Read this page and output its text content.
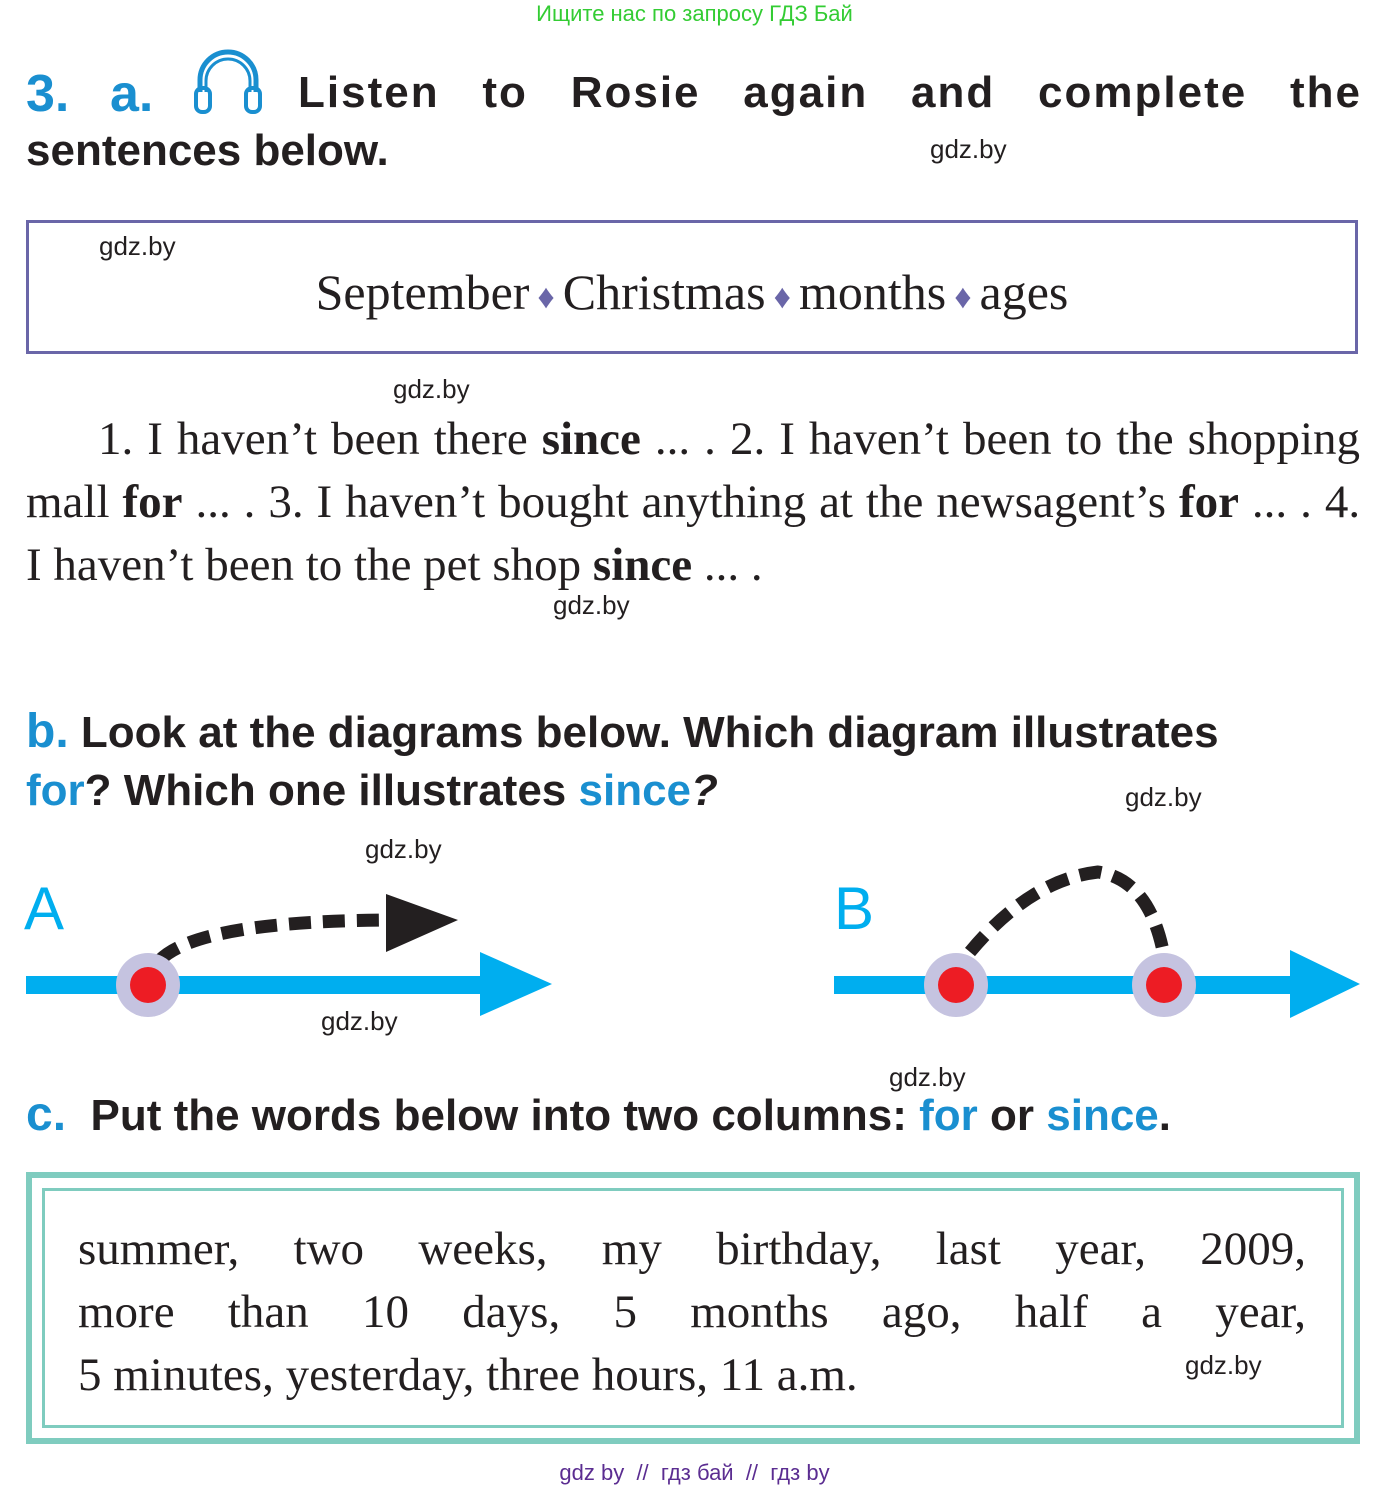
Ищите нас по запросу ГДЗ Бай
3. a.	Listen to Rosie again and complete the
sentences below.	gdz.by
gdz.by
September ♦ Christmas ♦ months ♦ ages
gdz.by
1. I haven’t been there since ... . 2. I haven’t been to the shopping mall for ... . 3. I haven’t bought anything at the newsagent’s for ... . 4. I haven’t been to the pet shop since ... .
gdz.by
b. Look at the diagrams below. Which diagram illustrates
for? Which one illustrates since?	gdz.by
gdz.by
A
gdz.by
B
gdz.by
c. Put the words below into two columns: for or since.
summer, two weeks, my birthday, last year, 2009,
more than 10 days, 5 months ago, half a year,
5 minutes, yesterday, three hours, 11 a.m.	gdz.by
gdz by  //  гдз бай  //  гдз by
